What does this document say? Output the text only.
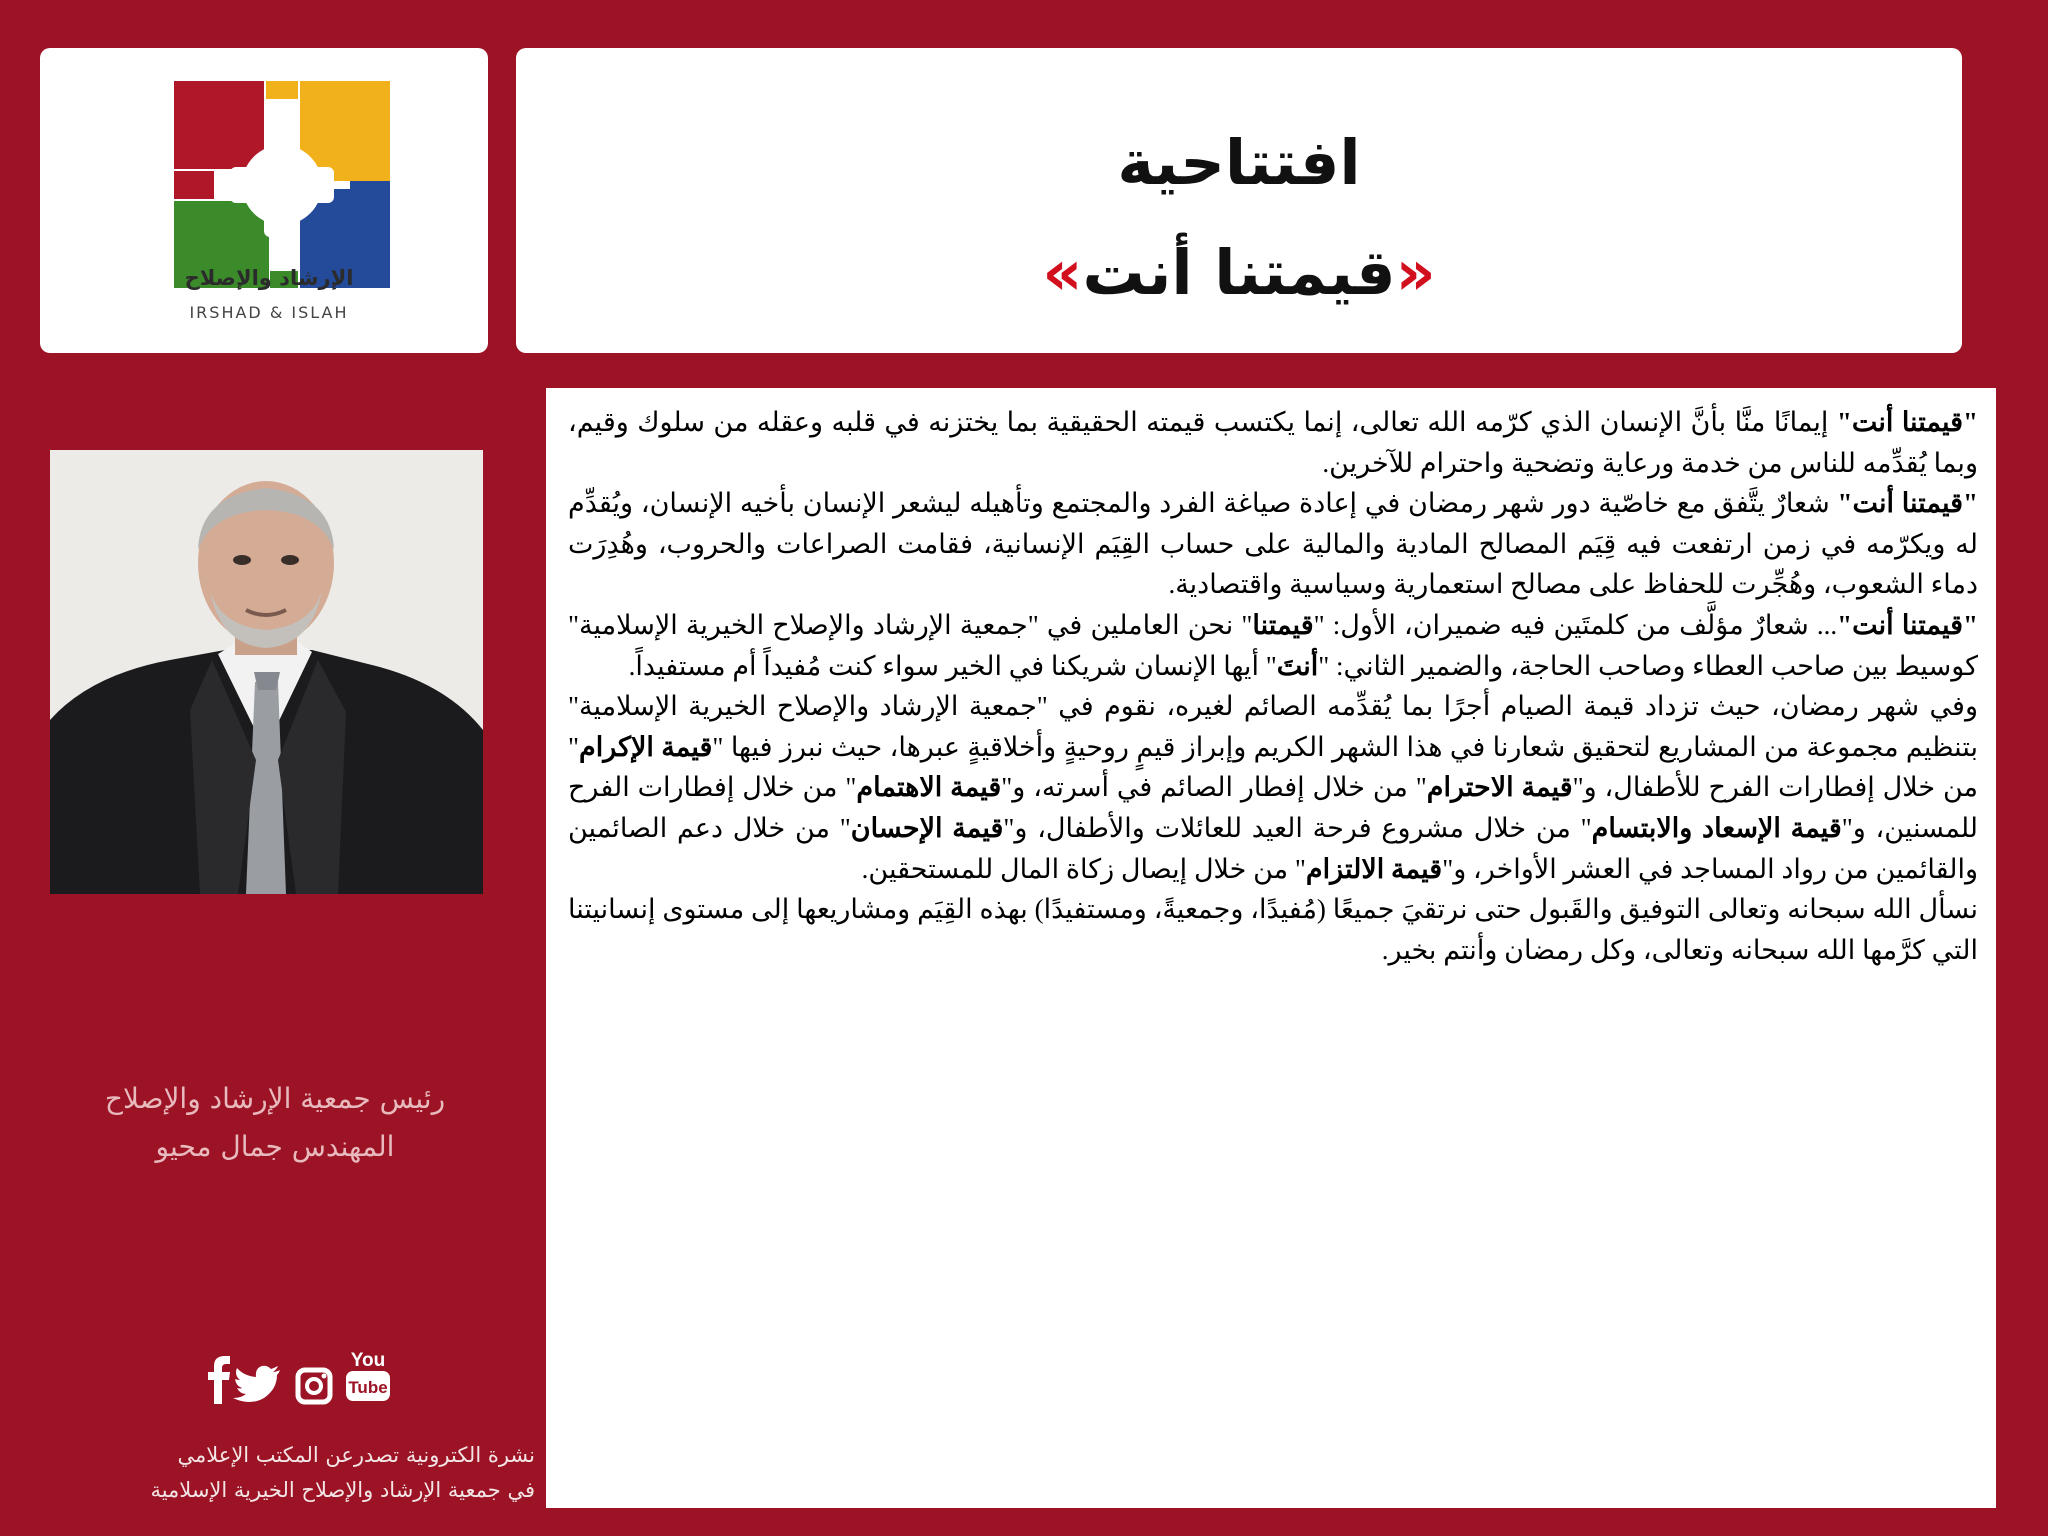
الإرشاد والإصلاح
IRSHAD & ISLAH
افتتاحية
«قيمتنا أنت»
رئيس جمعية الإرشاد والإصلاح
المهندس جمال محيو
You
Tube
نشرة الكترونية تصدرعن المكتب الإعلامي
في جمعية الإرشاد والإصلاح الخيرية الإسلامية

"قيمتنا أنت" إيمانًا منَّا بأنَّ الإنسان الذي كرّمه الله تعالى، إنما يكتسب قيمته الحقيقية بما يختزنه في قلبه وعقله من سلوك وقيم، وبما يُقدِّمه للناس من خدمة ورعاية وتضحية واحترام للآخرين.

"قيمتنا أنت" شعارٌ يتَّفق مع خاصّية دور شهر رمضان في إعادة صياغة الفرد والمجتمع وتأهيله ليشعر الإنسان بأخيه الإنسان، ويُقدِّم له ويكرّمه في زمن ارتفعت فيه قِيَم المصالح المادية والمالية على حساب القِيَم الإنسانية، فقامت الصراعات والحروب، وهُدِرَت دماء الشعوب، وهُجِّرت للحفاظ على مصالح استعمارية وسياسية واقتصادية.

"قيمتنا أنت"... شعارٌ مؤلَّف من كلمتَين فيه ضميران، الأول: "قيمتنا" نحن العاملين في "جمعية الإرشاد والإصلاح الخيرية الإسلامية" كوسيط بين صاحب العطاء وصاحب الحاجة، والضمير الثاني: "أنتَ" أيها الإنسان شريكنا في الخير سواء كنت مُفيداً أم مستفيداً.

وفي شهر رمضان، حيث تزداد قيمة الصيام أجرًا بما يُقدِّمه الصائم لغيره، نقوم في "جمعية الإرشاد والإصلاح الخيرية الإسلامية" بتنظيم مجموعة من المشاريع لتحقيق شعارنا في هذا الشهر الكريم وإبراز قيمٍ روحيةٍ وأخلاقيةٍ عبرها، حيث نبرز فيها "قيمة الإكرام" من خلال إفطارات الفرح للأطفال، و"قيمة الاحترام" من خلال إفطار الصائم في أسرته، و"قيمة الاهتمام" من خلال إفطارات الفرح للمسنين، و"قيمة الإسعاد والابتسام" من خلال مشروع فرحة العيد للعائلات والأطفال، و"قيمة الإحسان" من خلال دعم الصائمين والقائمين من رواد المساجد في العشر الأواخر، و"قيمة الالتزام" من خلال إيصال زكاة المال للمستحقين.

نسأل الله سبحانه وتعالى التوفيق والقَبول حتى نرتقيَ جميعًا (مُفيدًا، وجمعيةً، ومستفيدًا) بهذه القِيَم ومشاريعها إلى مستوى إنسانيتنا التي كرَّمها الله سبحانه وتعالى، وكل رمضان وأنتم بخير.
